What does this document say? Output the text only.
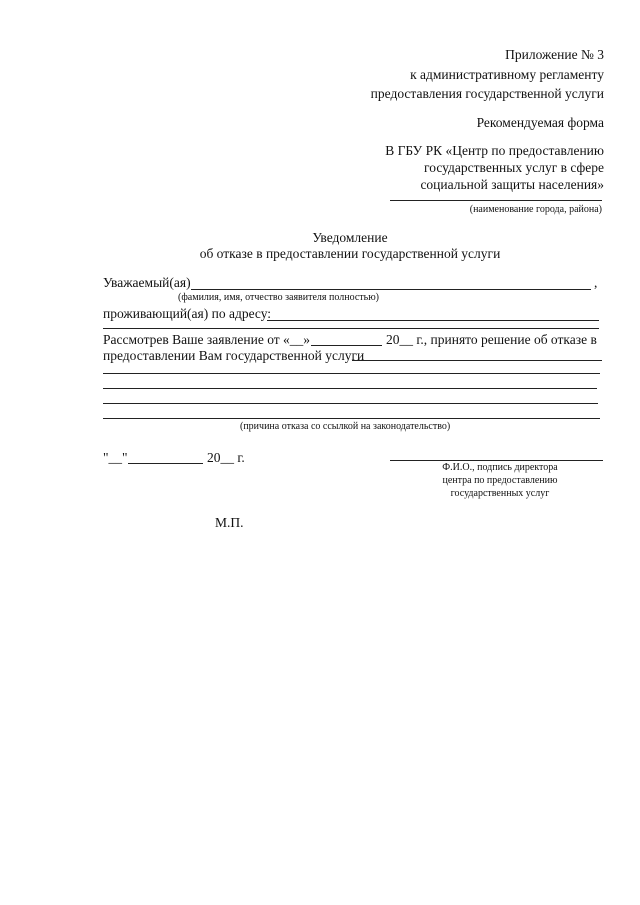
Приложение № 3
к административному регламенту
предоставления государственной услуги
Рекомендуемая форма
В ГБУ РК «Центр по предоставлению
государственных услуг в сфере
социальной защиты населения»
(наименование города, района)
Уведомление
об отказе в предоставлении государственной услуги
Уважаемый(ая)	,
(фамилия, имя, отчество заявителя полностью)
проживающий(ая) по адресу:
Рассмотрев Ваше заявление от «__»	20__ г., принято решение об отказе в
предоставлении Вам государственной услуги
(причина отказа со ссылкой на законодательство)
"__"	20__ г.
Ф.И.О., подпись директора
центра по предоставлению
государственных услуг
М.П.
